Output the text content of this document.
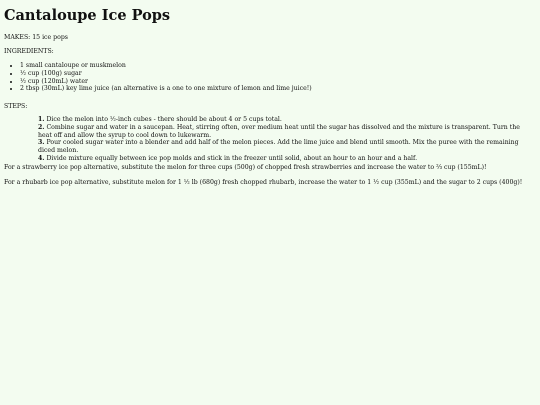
Cantaloupe Ice Pops

MAKES: 15 ice pops

INGREDIENTS:

• 1 small cantaloupe or muskmelon
• ½ cup (100g) sugar
• ½ cup (120mL) water
• 2 tbsp (30mL) key lime juice (an alternative is a one to one mixture of lemon and lime juice!)

STEPS:

1. Dice the melon into ½-inch cubes - there should be about 4 or 5 cups total.
2. Combine sugar and water in a saucepan. Heat, stirring often, over medium heat until the sugar has dissolved and the mixture is transparent. Turn the heat off and allow the syrup to cool down to lukewarm.
3. Pour cooled sugar water into a blender and add half of the melon pieces. Add the lime juice and blend until smooth. Mix the puree with the remaining diced melon.
4. Divide mixture equally between ice pop molds and stick in the freezer until solid, about an hour to an hour and a half.

For a strawberry ice pop alternative, substitute the melon for three cups (500g) of chopped fresh strawberries and increase the water to ⅔ cup (155mL)!

For a rhubarb ice pop alternative, substitute melon for 1 ½ lb (680g) fresh chopped rhubarb, increase the water to 1 ½ cup (355mL) and the sugar to 2 cups (400g)!
